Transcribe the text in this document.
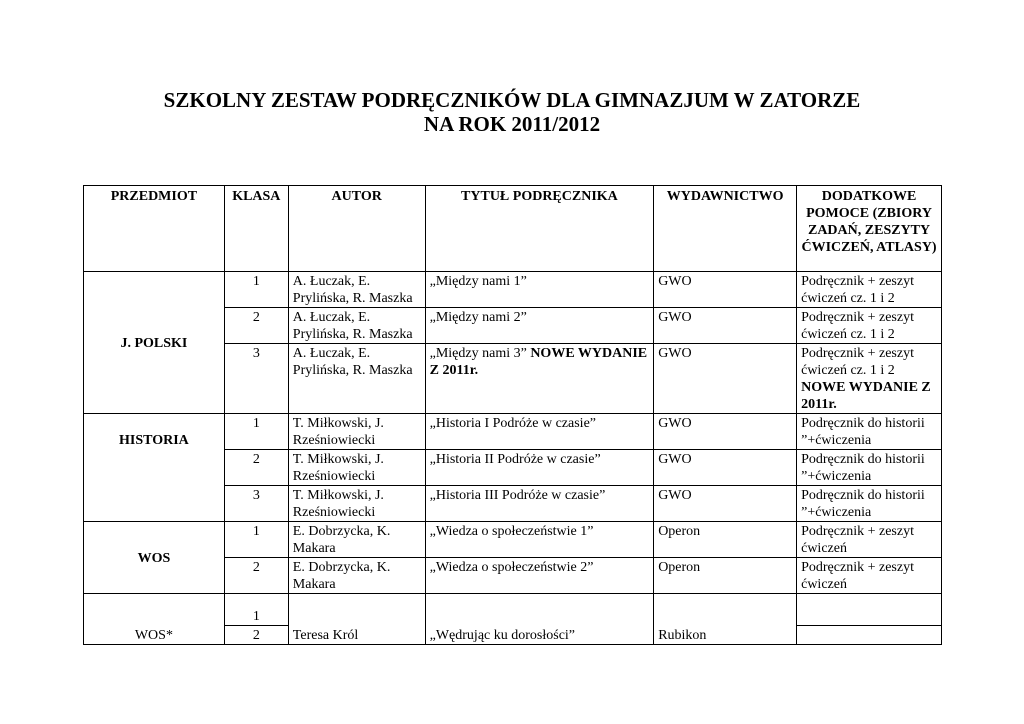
SZKOLNY ZESTAW PODRĘCZNIKÓW DLA GIMNAZJUM W ZATORZE
NA ROK 2011/2012
PRZEDMIOT	KLASA	AUTOR	TYTUŁ PODRĘCZNIKA	WYDAWNICTWO	DODATKOWE POMOCE (ZBIORY ZADAŃ, ZESZYTY ĆWICZEŃ, ATLASY)
J. POLSKI	1	A. Łuczak, E. Prylińska, R. Maszka	„Między nami 1”	GWO	Podręcznik + zeszyt ćwiczeń cz. 1 i 2
	2	A. Łuczak, E. Prylińska, R. Maszka	„Między nami 2”	GWO	Podręcznik + zeszyt ćwiczeń cz. 1 i 2
	3	A. Łuczak, E. Prylińska, R. Maszka	„Między nami 3” NOWE WYDANIE Z 2011r.	GWO	Podręcznik + zeszyt ćwiczeń cz. 1 i 2 NOWE WYDANIE Z 2011r.
HISTORIA	1	T. Miłkowski, J. Rześniowiecki	„Historia I Podróże w czasie”	GWO	Podręcznik do historii ”+ćwiczenia
	2	T. Miłkowski, J. Rześniowiecki	„Historia II Podróże w czasie”	GWO	Podręcznik do historii ”+ćwiczenia
	3	T. Miłkowski, J. Rześniowiecki	„Historia III Podróże w czasie”	GWO	Podręcznik do historii ”+ćwiczenia
WOS	1	E. Dobrzycka, K. Makara	„Wiedza o społeczeństwie 1”	Operon	Podręcznik + zeszyt ćwiczeń
	2	E. Dobrzycka, K. Makara	„Wiedza o społeczeństwie 2”	Operon	Podręcznik + zeszyt ćwiczeń
WOS*	1	Teresa Król	„Wędrując ku dorosłości”	Rubikon	
	2				
